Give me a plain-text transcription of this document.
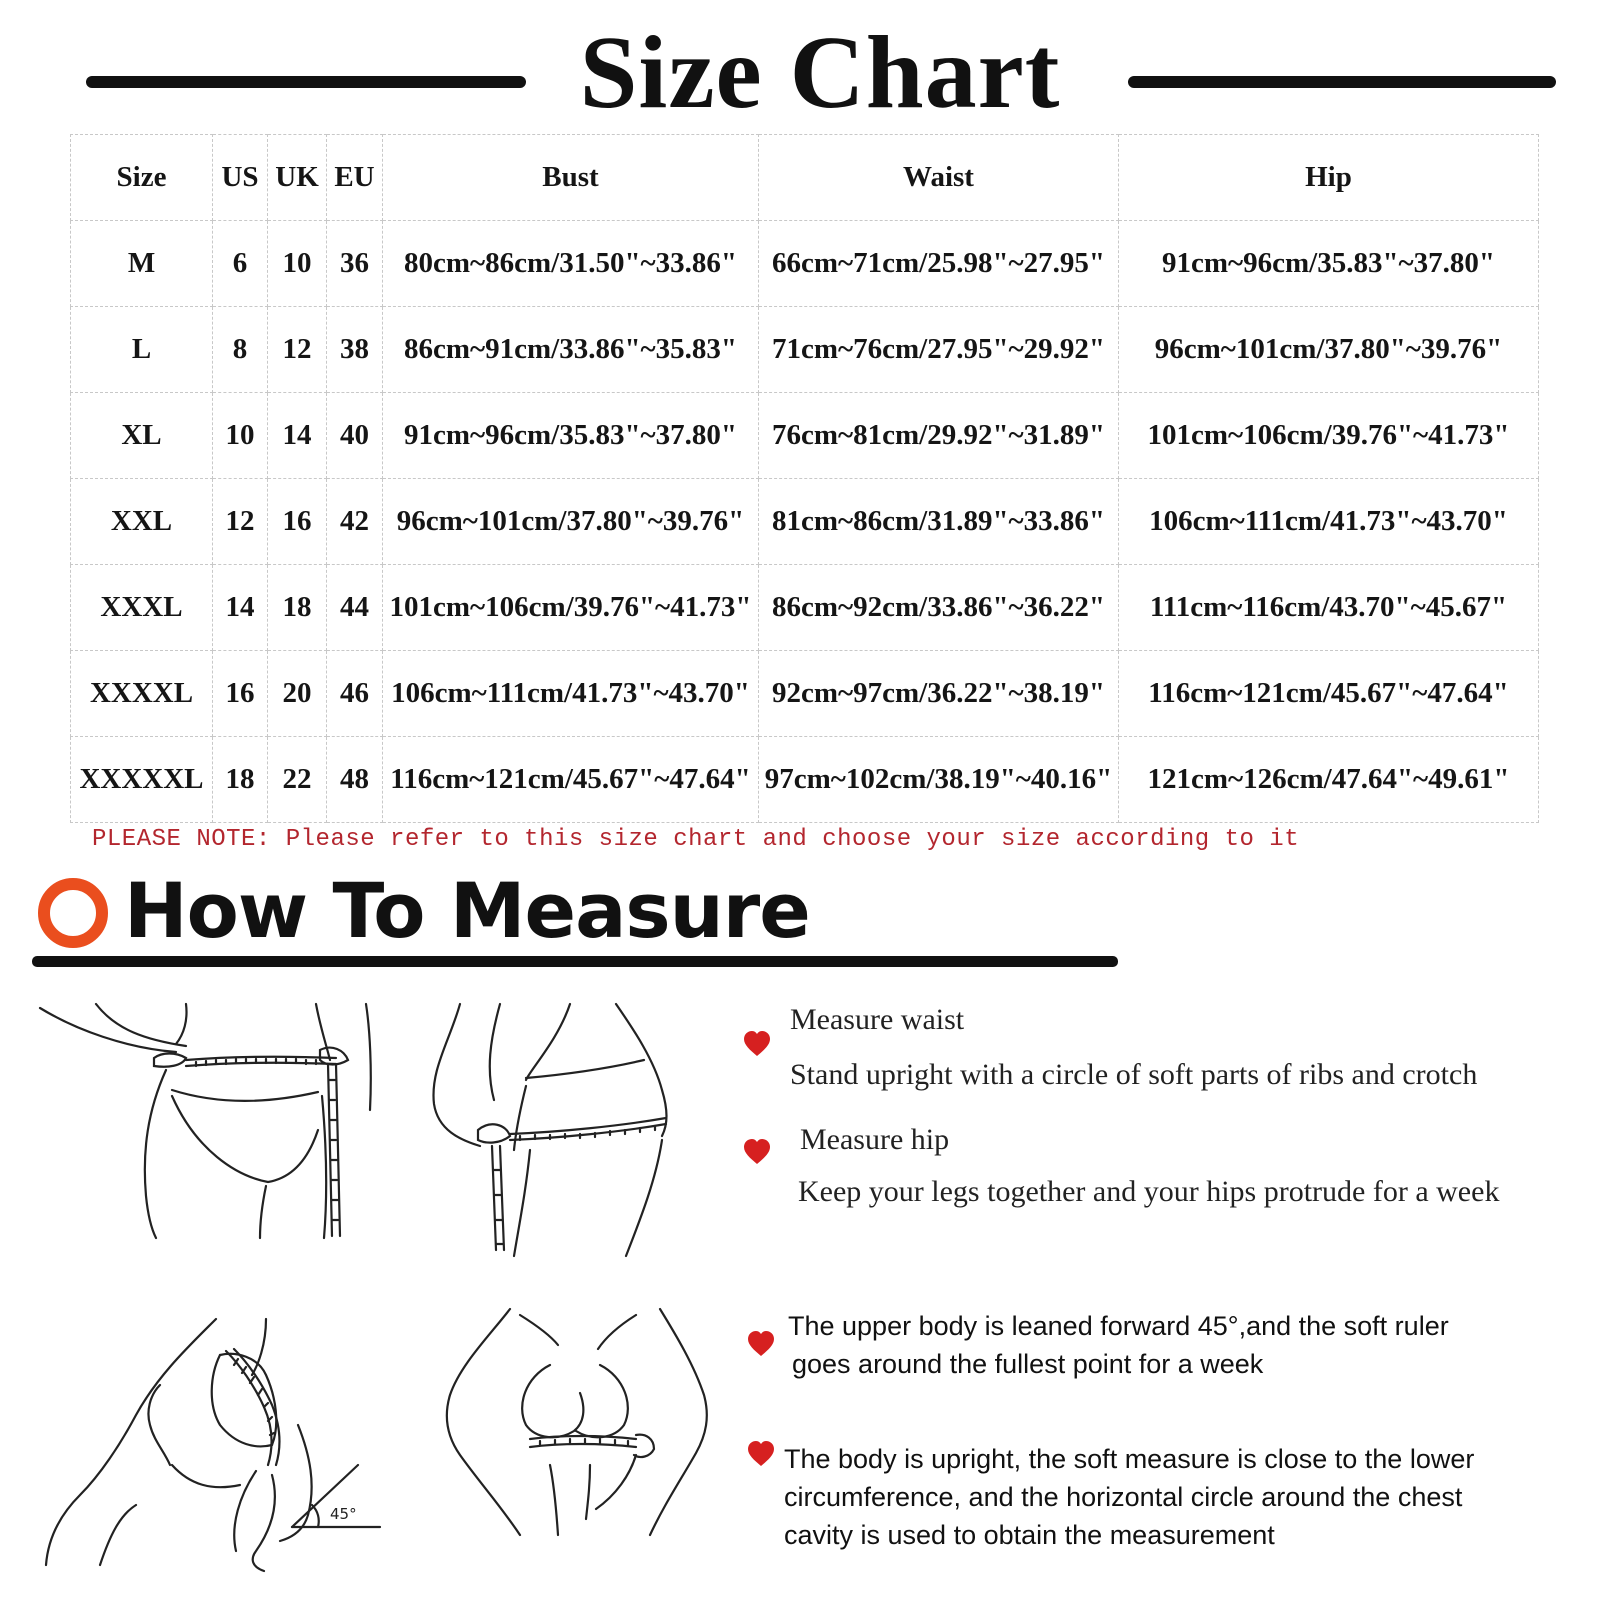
Size Chart
Size	US	UK	EU	Bust	Waist	Hip
M	6	10	36	80cm~86cm/31.50"~33.86"	66cm~71cm/25.98"~27.95"	91cm~96cm/35.83"~37.80"
L	8	12	38	86cm~91cm/33.86"~35.83"	71cm~76cm/27.95"~29.92"	96cm~101cm/37.80"~39.76"
XL	10	14	40	91cm~96cm/35.83"~37.80"	76cm~81cm/29.92"~31.89"	101cm~106cm/39.76"~41.73"
XXL	12	16	42	96cm~101cm/37.80"~39.76"	81cm~86cm/31.89"~33.86"	106cm~111cm/41.73"~43.70"
XXXL	14	18	44	101cm~106cm/39.76"~41.73"	86cm~92cm/33.86"~36.22"	111cm~116cm/43.70"~45.67"
XXXXL	16	20	46	106cm~111cm/41.73"~43.70"	92cm~97cm/36.22"~38.19"	116cm~121cm/45.67"~47.64"
XXXXXL	18	22	48	116cm~121cm/45.67"~47.64"	97cm~102cm/38.19"~40.16"	121cm~126cm/47.64"~49.61"
PLEASE NOTE: Please refer to this size chart and choose your size according to it
How To Measure
45°
Measure waist
Stand upright with a circle of soft parts of ribs and crotch
Measure hip
Keep your legs together and your hips protrude for a week
The upper body is leaned forward 45°,and the soft ruler
goes around the fullest point for a week
The body is upright, the soft measure is close to the lower
circumference, and the horizontal circle around the chest
cavity is used to obtain the measurement
